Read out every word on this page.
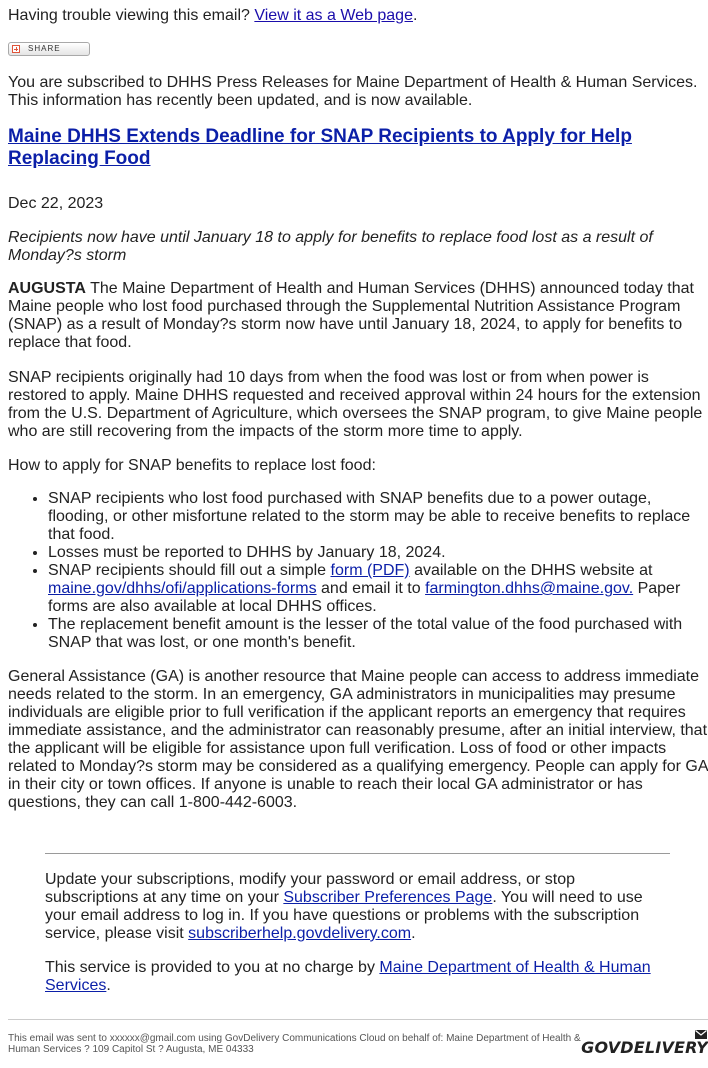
Having trouble viewing this email? View it as a Web page.
SHARE
You are subscribed to DHHS Press Releases for Maine Department of Health & Human Services.
This information has recently been updated, and is now available.
Maine DHHS Extends Deadline for SNAP Recipients to Apply for Help Replacing Food
Dec 22, 2023
Recipients now have until January 18 to apply for benefits to replace food lost as a result of Monday?s storm
AUGUSTA The Maine Department of Health and Human Services (DHHS) announced today that Maine people who lost food purchased through the Supplemental Nutrition Assistance Program (SNAP) as a result of Monday?s storm now have until January 18, 2024, to apply for benefits to replace that food.
SNAP recipients originally had 10 days from when the food was lost or from when power is restored to apply. Maine DHHS requested and received approval within 24 hours for the extension from the U.S. Department of Agriculture, which oversees the SNAP program, to give Maine people who are still recovering from the impacts of the storm more time to apply.
How to apply for SNAP benefits to replace lost food:
• SNAP recipients who lost food purchased with SNAP benefits due to a power outage, flooding, or other misfortune related to the storm may be able to receive benefits to replace that food.
• Losses must be reported to DHHS by January 18, 2024.
• SNAP recipients should fill out a simple form (PDF) available on the DHHS website at maine.gov/dhhs/ofi/applications-forms and email it to farmington.dhhs@maine.gov. Paper forms are also available at local DHHS offices.
• The replacement benefit amount is the lesser of the total value of the food purchased with SNAP that was lost, or one month's benefit.
General Assistance (GA) is another resource that Maine people can access to address immediate needs related to the storm. In an emergency, GA administrators in municipalities may presume individuals are eligible prior to full verification if the applicant reports an emergency that requires immediate assistance, and the administrator can reasonably presume, after an initial interview, that the applicant will be eligible for assistance upon full verification. Loss of food or other impacts related to Monday?s storm may be considered as a qualifying emergency. People can apply for GA in their city or town offices. If anyone is unable to reach their local GA administrator or has questions, they can call 1-800-442-6003.
Update your subscriptions, modify your password or email address, or stop subscriptions at any time on your Subscriber Preferences Page. You will need to use your email address to log in. If you have questions or problems with the subscription service, please visit subscriberhelp.govdelivery.com.
This service is provided to you at no charge by Maine Department of Health & Human Services.
This email was sent to xxxxxx@gmail.com using GovDelivery Communications Cloud on behalf of: Maine Department of Health & Human Services ? 109 Capitol St ? Augusta, ME 04333	GOVDELIVERY
